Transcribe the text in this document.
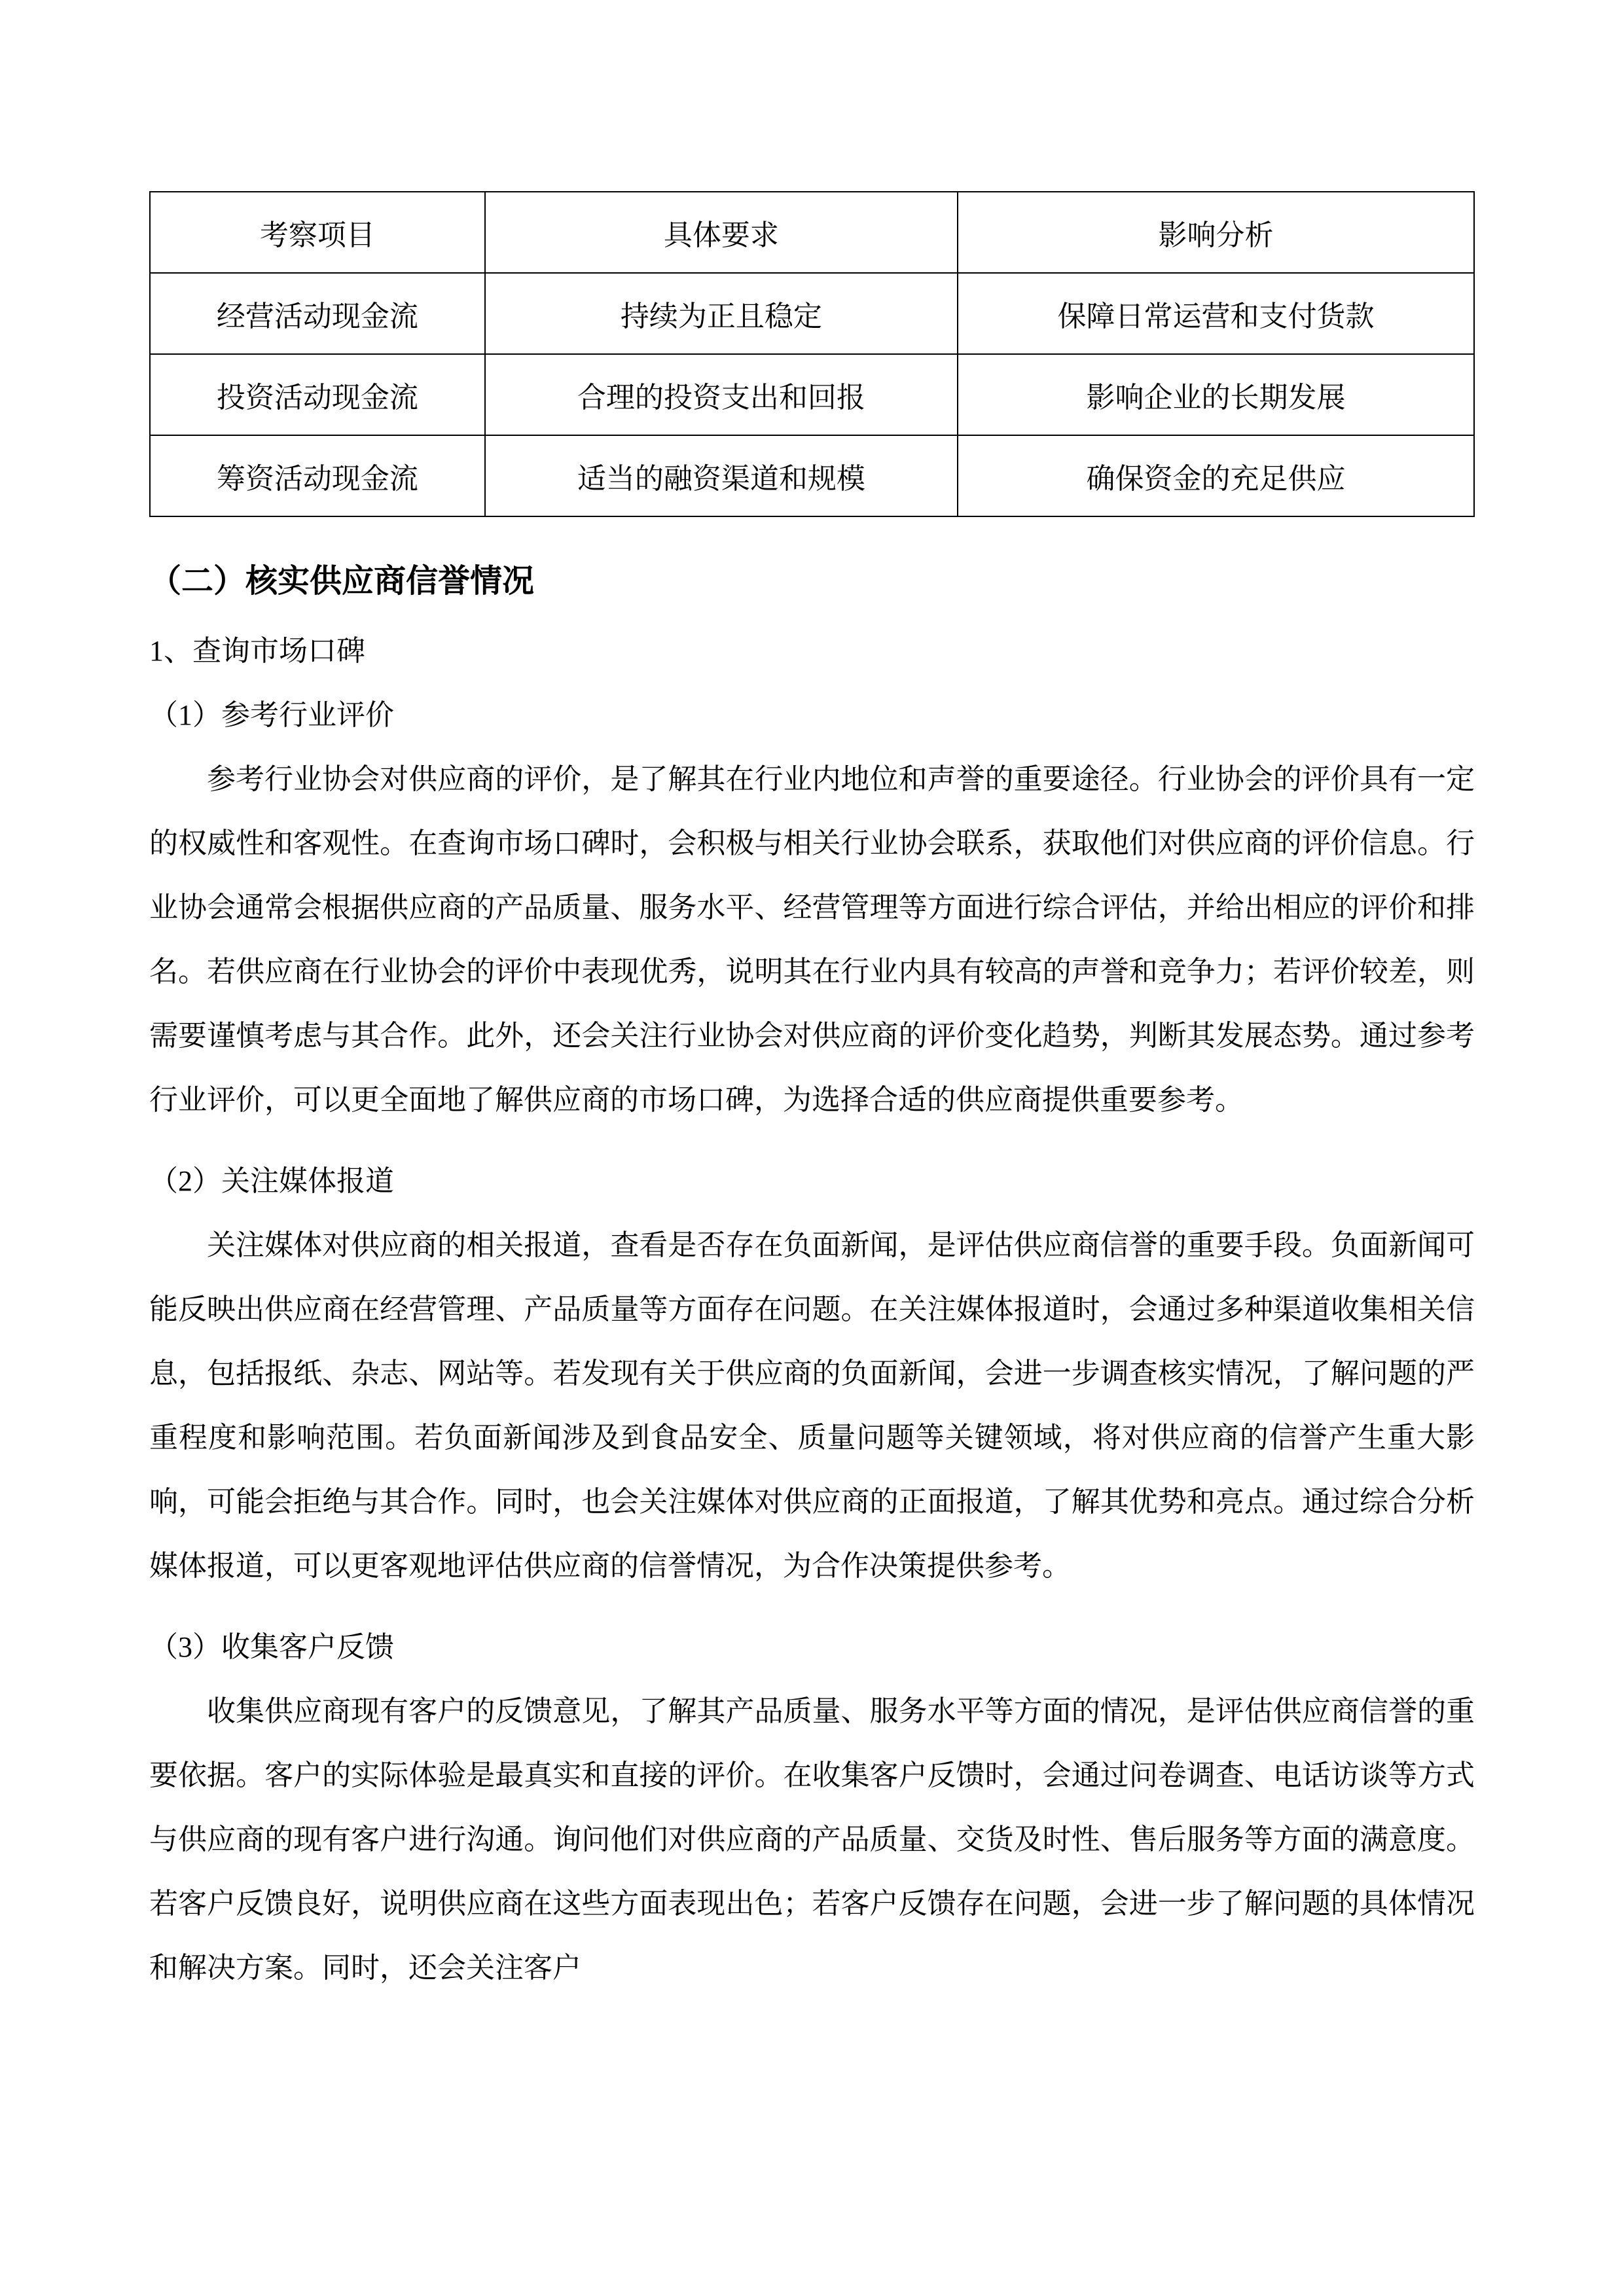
考察项目	具体要求	影响分析
经营活动现金流	持续为正且稳定	保障日常运营和支付货款
投资活动现金流	合理的投资支出和回报	影响企业的长期发展
筹资活动现金流	适当的融资渠道和规模	确保资金的充足供应
（二）核实供应商信誉情况

1、查询市场口碑

（1）参考行业评价

参考行业协会对供应商的评价，是了解其在行业内地位和声誉的重要途径。行业协会的评价具有一定的权威性和客观性。在查询市场口碑时，会积极与相关行业协会联系，获取他们对供应商的评价信息。行业协会通常会根据供应商的产品质量、服务水平、经营管理等方面进行综合评估，并给出相应的评价和排名。若供应商在行业协会的评价中表现优秀，说明其在行业内具有较高的声誉和竞争力；若评价较差，则需要谨慎考虑与其合作。此外，还会关注行业协会对供应商的评价变化趋势，判断其发展态势。通过参考行业评价，可以更全面地了解供应商的市场口碑，为选择合适的供应商提供重要参考。

（2）关注媒体报道

关注媒体对供应商的相关报道，查看是否存在负面新闻，是评估供应商信誉的重要手段。负面新闻可能反映出供应商在经营管理、产品质量等方面存在问题。在关注媒体报道时，会通过多种渠道收集相关信息，包括报纸、杂志、网站等。若发现有关于供应商的负面新闻，会进一步调查核实情况，了解问题的严重程度和影响范围。若负面新闻涉及到食品安全、质量问题等关键领域，将对供应商的信誉产生重大影响，可能会拒绝与其合作。同时，也会关注媒体对供应商的正面报道，了解其优势和亮点。通过综合分析媒体报道，可以更客观地评估供应商的信誉情况，为合作决策提供参考。

（3）收集客户反馈

收集供应商现有客户的反馈意见，了解其产品质量、服务水平等方面的情况，是评估供应商信誉的重要依据。客户的实际体验是最真实和直接的评价。在收集客户反馈时，会通过问卷调查、电话访谈等方式与供应商的现有客户进行沟通。询问他们对供应商的产品质量、交货及时性、售后服务等方面的满意度。若客户反馈良好，说明供应商在这些方面表现出色；若客户反馈存在问题，会进一步了解问题的具体情况和解决方案。同时，还会关注客户
